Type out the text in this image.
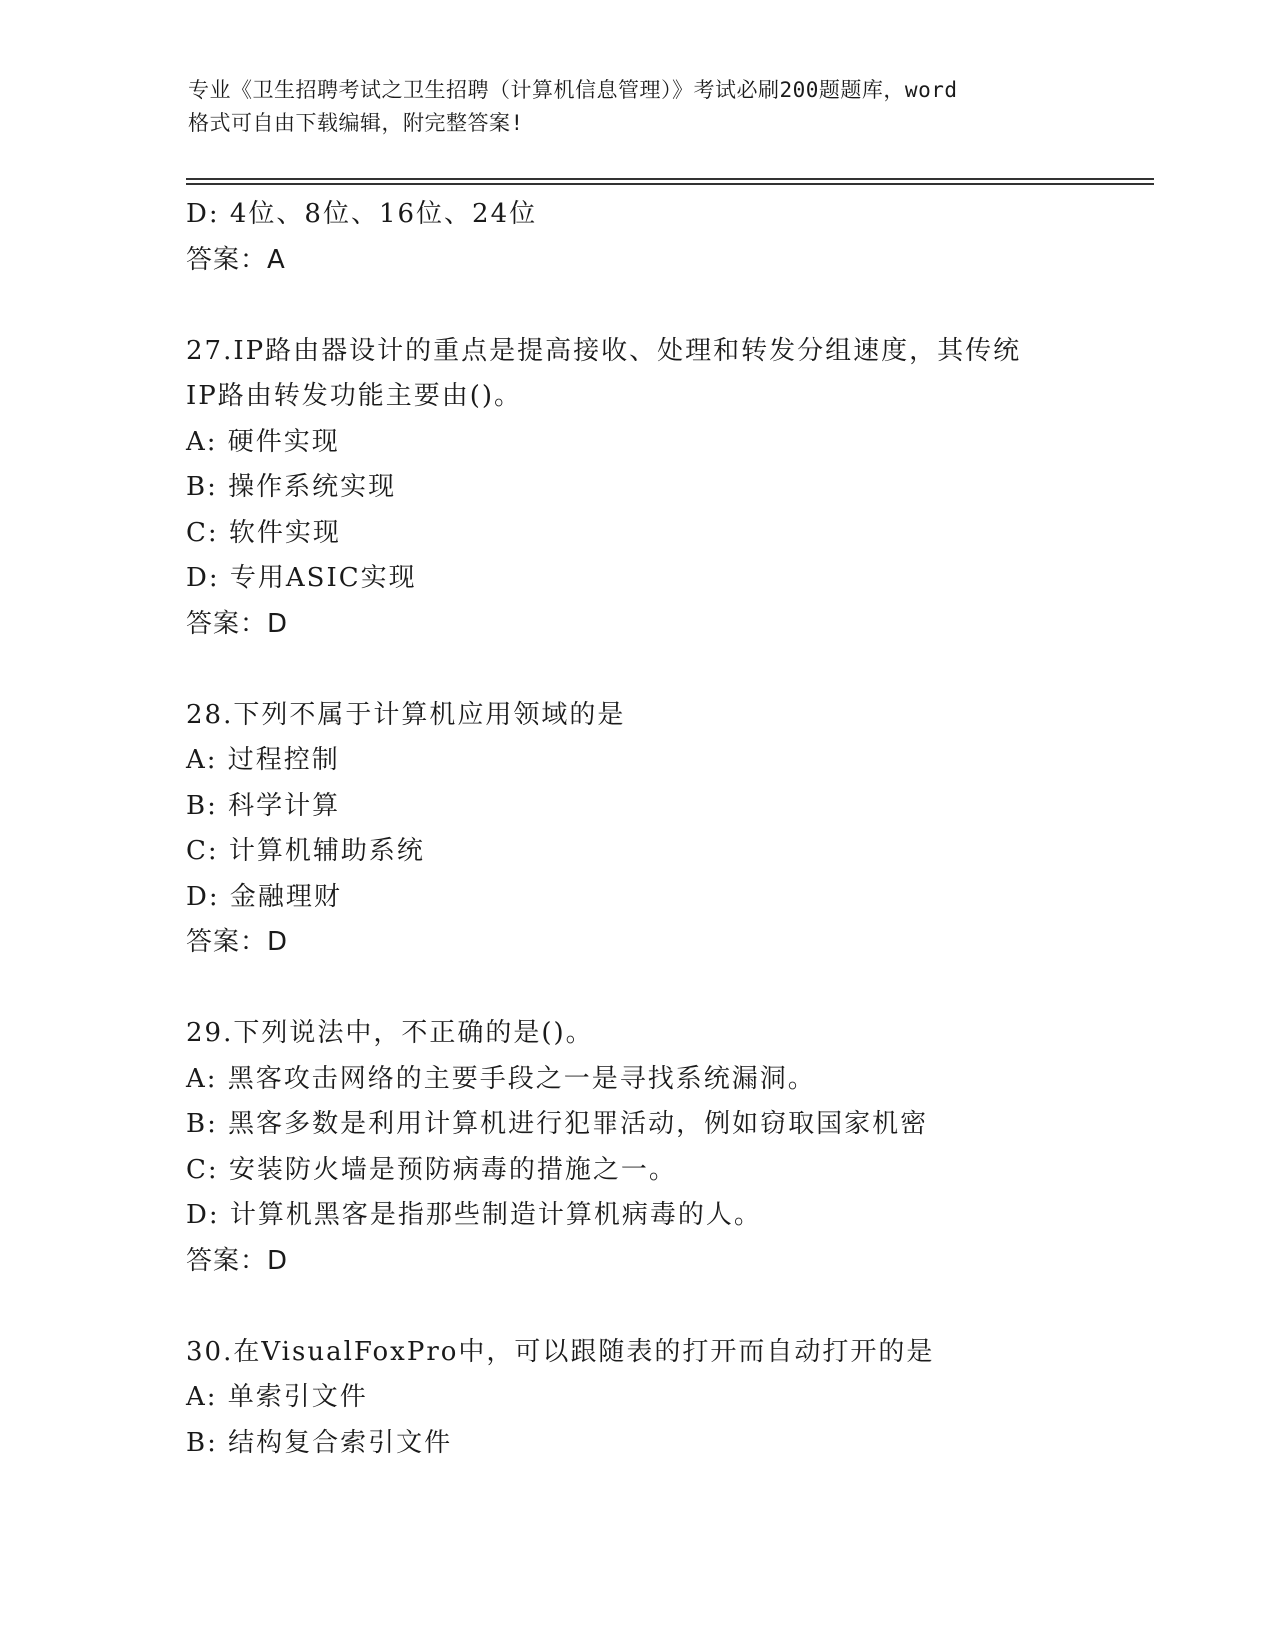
专业《卫生招聘考试之卫生招聘（计算机信息管理）》考试必刷200题题库，word
格式可自由下载编辑，附完整答案!
D: 4位、8位、16位、24位
答案：A
27.IP路由器设计的重点是提高接收、处理和转发分组速度，其传统
IP路由转发功能主要由()。
A: 硬件实现
B: 操作系统实现
C: 软件实现
D: 专用ASIC实现
答案：D
28.下列不属于计算机应用领域的是
A: 过程控制
B: 科学计算
C: 计算机辅助系统
D: 金融理财
答案：D
29.下列说法中，不正确的是()。
A: 黑客攻击网络的主要手段之一是寻找系统漏洞。
B: 黑客多数是利用计算机进行犯罪活动，例如窃取国家机密
C: 安装防火墙是预防病毒的措施之一。
D: 计算机黑客是指那些制造计算机病毒的人。
答案：D
30.在VisualFoxPro中，可以跟随表的打开而自动打开的是
A: 单索引文件
B: 结构复合索引文件
